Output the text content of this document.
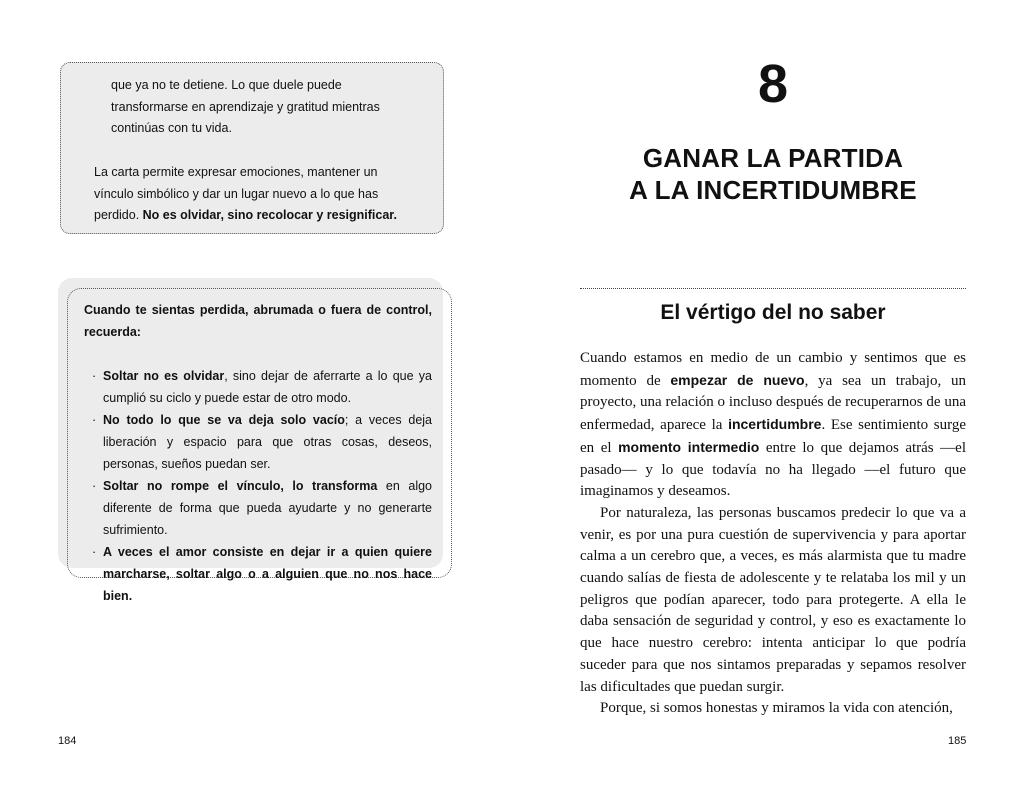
que ya no te detiene. Lo que duele puede transformarse en aprendizaje y gratitud mientras continúas con tu vida.

La carta permite expresar emociones, mantener un vínculo simbólico y dar un lugar nuevo a lo que has perdido. No es olvidar, sino recolocar y resignificar.

Cuando te sientas perdida, abrumada o fuera de control, recuerda:

· Soltar no es olvidar, sino dejar de aferrarte a lo que ya cumplió su ciclo y puede estar de otro modo.
· No todo lo que se va deja solo vacío; a veces deja liberación y espacio para que otras cosas, deseos, personas, sueños puedan ser.
· Soltar no rompe el vínculo, lo transforma en algo diferente de forma que pueda ayudarte y no generarte sufrimiento.
· A veces el amor consiste en dejar ir a quien quiere marcharse, soltar algo o a alguien que no nos hace bien.
184
8
GANAR LA PARTIDA
A LA INCERTIDUMBRE
El vértigo del no saber

Cuando estamos en medio de un cambio y sentimos que es momento de empezar de nuevo, ya sea un trabajo, un proyecto, una relación o incluso después de recuperarnos de una enfermedad, aparece la incertidumbre. Ese sentimiento surge en el momento intermedio entre lo que dejamos atrás —el pasado— y lo que todavía no ha llegado —el futuro que imaginamos y deseamos.

Por naturaleza, las personas buscamos predecir lo que va a venir, es por una pura cuestión de supervivencia y para aportar calma a un cerebro que, a veces, es más alarmista que tu madre cuando salías de fiesta de adolescente y te relataba los mil y un peligros que podían aparecer, todo para protegerte. A ella le daba sensación de seguridad y control, y eso es exactamente lo que hace nuestro cerebro: intenta anticipar lo que podría suceder para que nos sintamos preparadas y sepamos resolver las dificultades que puedan surgir.

Porque, si somos honestas y miramos la vida con atención,

185
